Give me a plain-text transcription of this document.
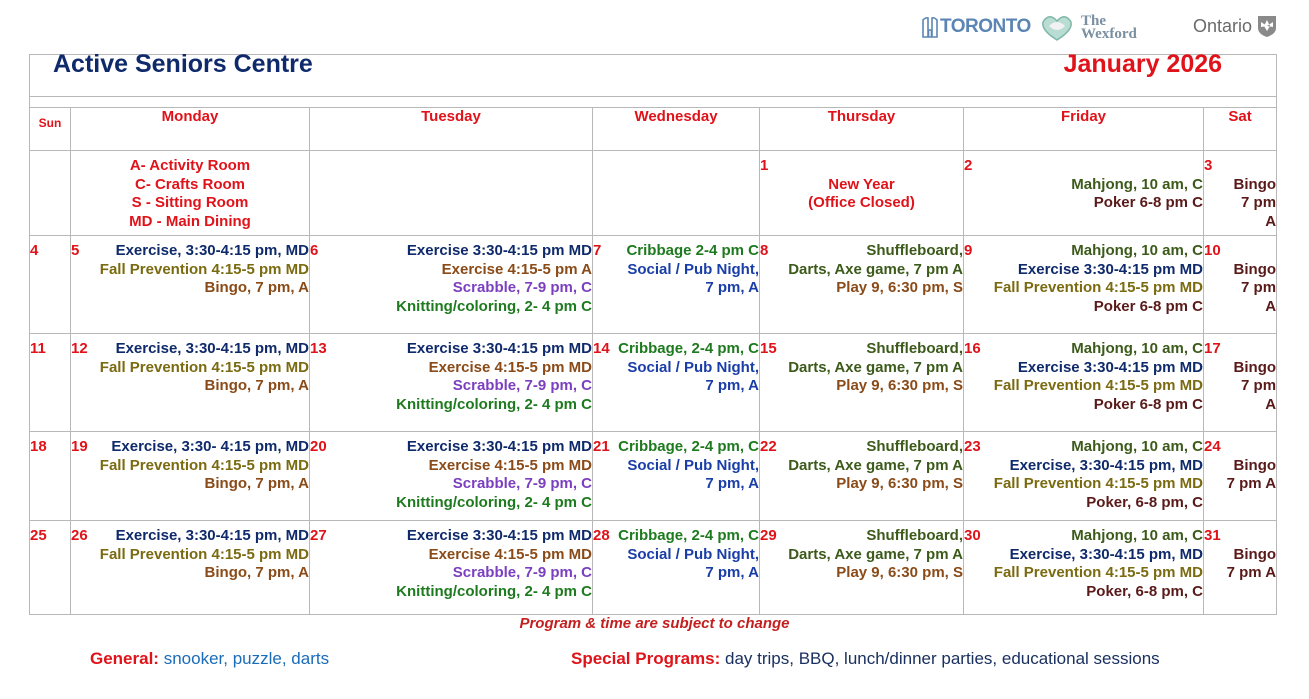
TORONTO	The
Wexford	Ontario
Active Seniors Centre January 2026						

Sun	Monday	Tuesday	Wednesday	Thursday	Friday	Sat

	A- Activity Room
C- Crafts Room
S - Sitting Room
MD - Main Dining			1
New Year
(Office Closed)	2
Mahjong, 10 am, C
Poker 6-8 pm C	3
Bingo
7 pm
A

4	5 Exercise, 3:30-4:15 pm, MD
Fall Prevention 4:15-5 pm MD
Bingo, 7 pm, A	6 Exercise 3:30-4:15 pm MD
Exercise 4:15-5 pm A
Scrabble, 7-9 pm, C
Knitting/coloring, 2- 4 pm C	7 Cribbage 2-4 pm C
Social / Pub Night,
7 pm, A	8 Shuffleboard,
Darts, Axe game, 7 pm A
Play 9, 6:30 pm, S	9 Mahjong, 10 am, C
Exercise 3:30-4:15 pm MD
Fall Prevention 4:15-5 pm MD
Poker 6-8 pm C	10
Bingo
7 pm
A

11	12 Exercise, 3:30-4:15 pm, MD
Fall Prevention 4:15-5 pm MD
Bingo, 7 pm, A	13 Exercise 3:30-4:15 pm MD
Exercise 4:15-5 pm MD
Scrabble, 7-9 pm, C
Knitting/coloring, 2- 4 pm C	14 Cribbage, 2-4 pm, C
Social / Pub Night,
7 pm, A	15 Shuffleboard,
Darts, Axe game, 7 pm A
Play 9, 6:30 pm, S	16 Mahjong, 10 am, C
Exercise 3:30-4:15 pm MD
Fall Prevention 4:15-5 pm MD
Poker 6-8 pm C	17
Bingo
7 pm
A

18	19 Exercise, 3:30- 4:15 pm, MD
Fall Prevention 4:15-5 pm MD
Bingo, 7 pm, A	20 Exercise 3:30-4:15 pm MD
Exercise 4:15-5 pm MD
Scrabble, 7-9 pm, C
Knitting/coloring, 2- 4 pm C	21 Cribbage, 2-4 pm, C
Social / Pub Night,
7 pm, A	22 Shuffleboard,
Darts, Axe game, 7 pm A
Play 9, 6:30 pm, S	23 Mahjong, 10 am, C
Exercise, 3:30-4:15 pm, MD
Fall Prevention 4:15-5 pm MD
Poker, 6-8 pm, C	24
Bingo
7 pm A

25	26 Exercise, 3:30-4:15 pm, MD
Fall Prevention 4:15-5 pm MD
Bingo, 7 pm, A	27 Exercise 3:30-4:15 pm MD
Exercise 4:15-5 pm MD
Scrabble, 7-9 pm, C
Knitting/coloring, 2- 4 pm C	28 Cribbage, 2-4 pm, C
Social / Pub Night,
7 pm, A	29 Shuffleboard,
Darts, Axe game, 7 pm A
Play 9, 6:30 pm, S	30 Mahjong, 10 am, C
Exercise, 3:30-4:15 pm, MD
Fall Prevention 4:15-5 pm MD
Poker, 6-8 pm, C	31
Bingo
7 pm A
Program & time are subject to change
General: snooker, puzzle, darts	Special Programs: day trips, BBQ, lunch/dinner parties, educational sessions
